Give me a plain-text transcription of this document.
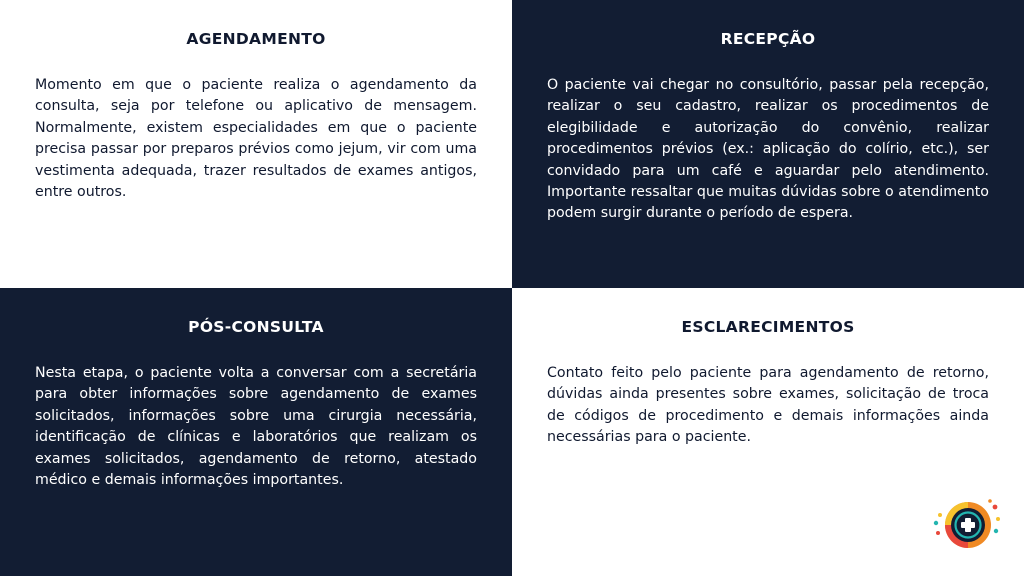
AGENDAMENTO
Momento em que o paciente realiza o agendamento da consulta, seja por telefone ou aplicativo de mensagem. Normalmente, existem especialidades em que o paciente precisa passar por preparos prévios como jejum, vir com uma vestimenta adequada, trazer resultados de exames antigos, entre outros.
RECEPÇÃO
O paciente vai chegar no consultório, passar pela recepção, realizar o seu cadastro, realizar os procedimentos de elegibilidade e autorização do convênio, realizar procedimentos prévios (ex.: aplicação do colírio, etc.), ser convidado para um café e aguardar pelo atendimento. Importante ressaltar que muitas dúvidas sobre o atendimento podem surgir durante o período de espera.
PÓS-CONSULTA
Nesta etapa, o paciente volta a conversar com a secretária para obter informações sobre agendamento de exames solicitados, informações sobre uma cirurgia necessária, identificação de clínicas e laboratórios que realizam os exames solicitados, agendamento de retorno, atestado médico e demais informações importantes.
ESCLARECIMENTOS
Contato feito pelo paciente para agendamento de retorno, dúvidas ainda presentes sobre exames, solicitação de troca de códigos de procedimento e demais informações ainda necessárias para o paciente.
